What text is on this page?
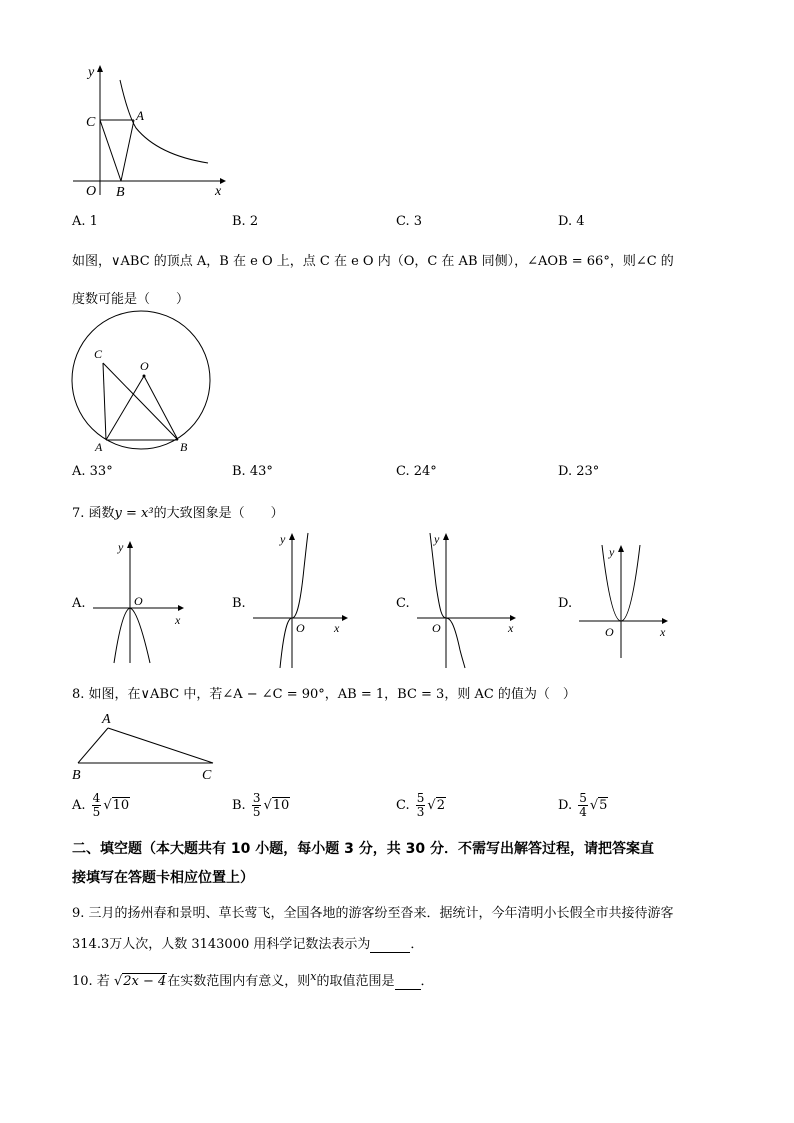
y
x
O B
C	A
A. 1	B. 2	C. 3	D. 4
如图，∨ABC 的顶点 A，B 在 e O 上，点 C 在 e O 内（O，C 在 AB 同侧），∠AOB = 66°，则∠C 的
度数可能是（　　）
C
O
A	B
A. 33°	B. 43°	C. 24°	D. 23°
7. 函数y = x³的大致图象是（　　）
A.
y
x
O	B.
y
x
O
C.
y
x
O
D.
y
x
O
8. 如图，在∨ABC 中，若∠A − ∠C = 90°，AB = 1，BC = 3，则 AC 的值为（　）
A
B	C
A. $\frac{4}{5} √10$	B. $\frac{3}{5} √10$	C. $\frac{5}{3} √2$	D. $\frac{5}{4} √5$
二、填空题（本大题共有 10 小题，每小题 3 分，共 30 分．不需写出解答过程，请把答案直
接填写在答题卡相应位置上）
9. 三月的扬州春和景明、草长莺飞，全国各地的游客纷至沓来．据统计，今年清明小长假全市共接待游客
314.3万人次，人数 3143000 用科学记数法表示为	．
10. 若 √2x − 4在实数范围内有意义，则$^x$的取值范围是 ．
